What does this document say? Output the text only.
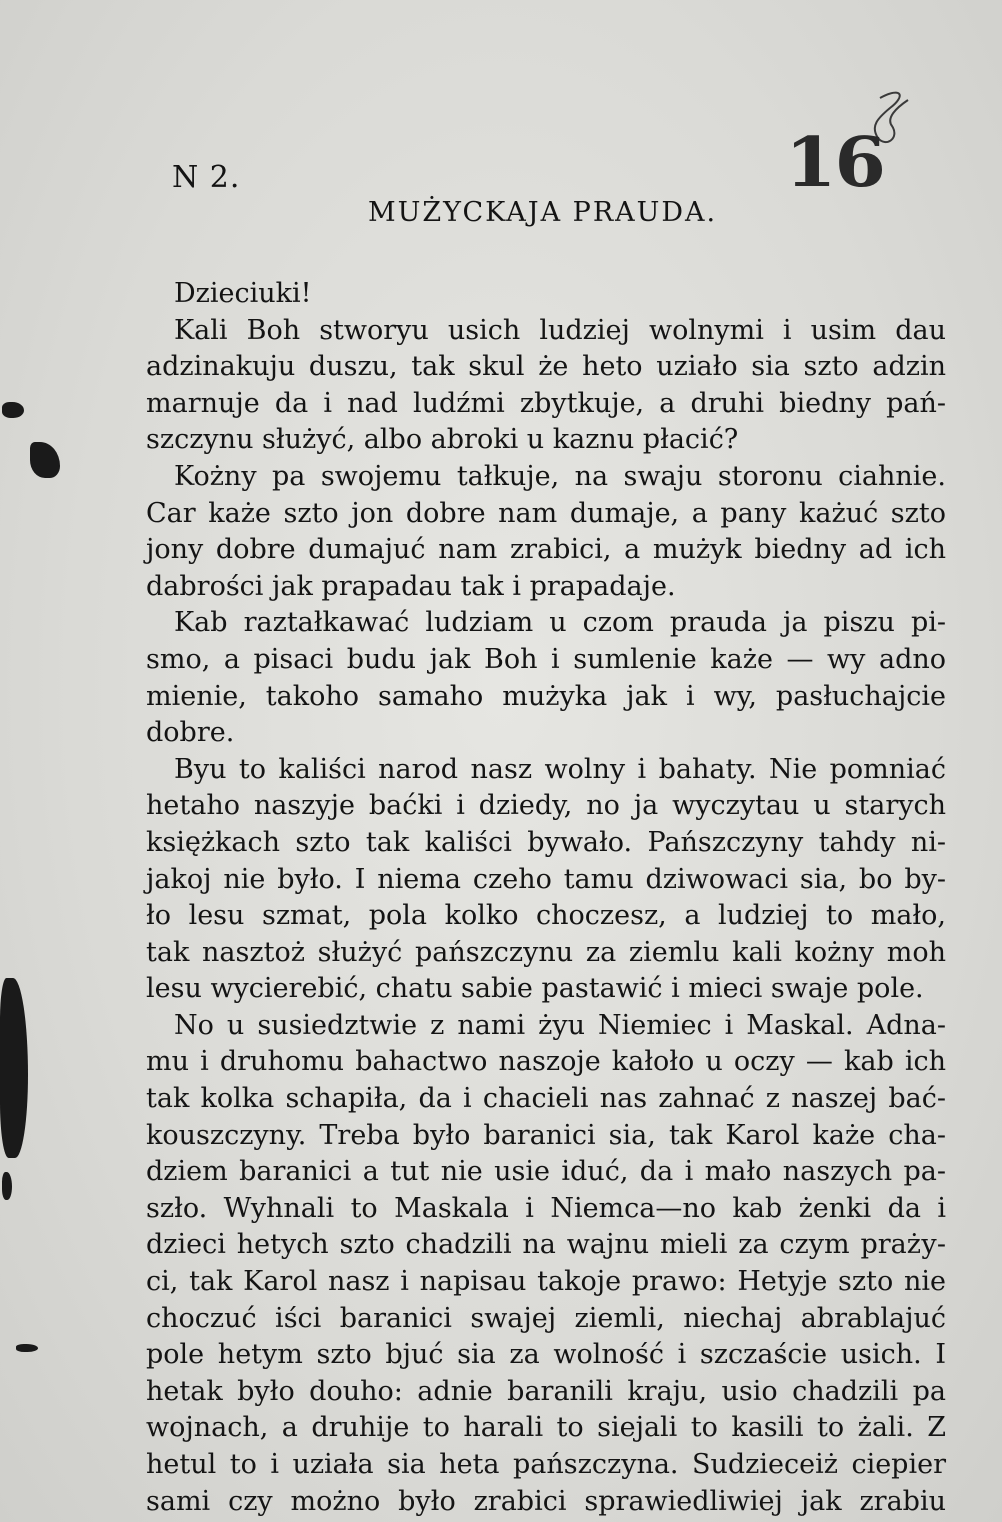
16
N 2.
MUŻYCKAJA PRAUDA.
Dzieciuki!
Kali Boh stworyu usich ludziej wolnymi i usim dau
adzinakuju duszu, tak skul że heto uziało sia szto adzin
marnuje da i nad ludźmi zbytkuje, a druhi biedny pań-
szczynu służyć, albo abroki u kaznu płacić?
Kożny pa swojemu tałkuje, na swaju storonu ciahnie.
Car każe szto jon dobre nam dumaje, a pany każuć szto
jony dobre dumajuć nam zrabici, a mużyk biedny ad ich
dabrości jak prapadau tak i prapadaje.
Kab raztałkawać ludziam u czom prauda ja piszu pi-
smo, a pisaci budu jak Boh i sumlenie każe — wy adno
mienie, takoho samaho mużyka jak i wy, pasłuchajcie
dobre.
Byu to kaliści narod nasz wolny i bahaty. Nie pomniać
hetaho naszyje baćki i dziedy, no ja wyczytau u starych
księżkach szto tak kaliści bywało. Pańszczyny tahdy ni-
jakoj nie było. I niema czeho tamu dziwowaci sia, bo by-
ło lesu szmat, pola kolko choczesz, a ludziej to mało,
tak nasztoż służyć pańszczynu za ziemlu kali kożny moh
lesu wycierebić, chatu sabie pastawić i mieci swaje pole.
No u susiedztwie z nami żyu Niemiec i Maskal. Adna-
mu i druhomu bahactwo naszoje kałoło u oczy — kab ich
tak kolka schapiła, da i chacieli nas zahnać z naszej bać-
kouszczyny. Treba było baranici sia, tak Karol każe cha-
dziem baranici a tut nie usie iduć, da i mało naszych pa-
szło. Wyhnali to Maskala i Niemca—no kab żenki da i
dzieci hetych szto chadzili na wajnu mieli za czym prażу-
ci, tak Karol nasz i napisau takoje prawo: Hetyje szto nie
choczuć iści baranici swajej ziemli, niechaj abrablajuć
pole hetym szto bjuć sia za wolność i szczaście usich. I
hetak było douho: adnie baranili kraju, usio chadzili pa
wojnach, a druhije to harali to siejali to kasili to żali. Z
hetul to i uziała sia heta pańszczyna. Sudzieceiż ciepier
sami czy możno było zrabici sprawiedliwiej jak zrabiu
